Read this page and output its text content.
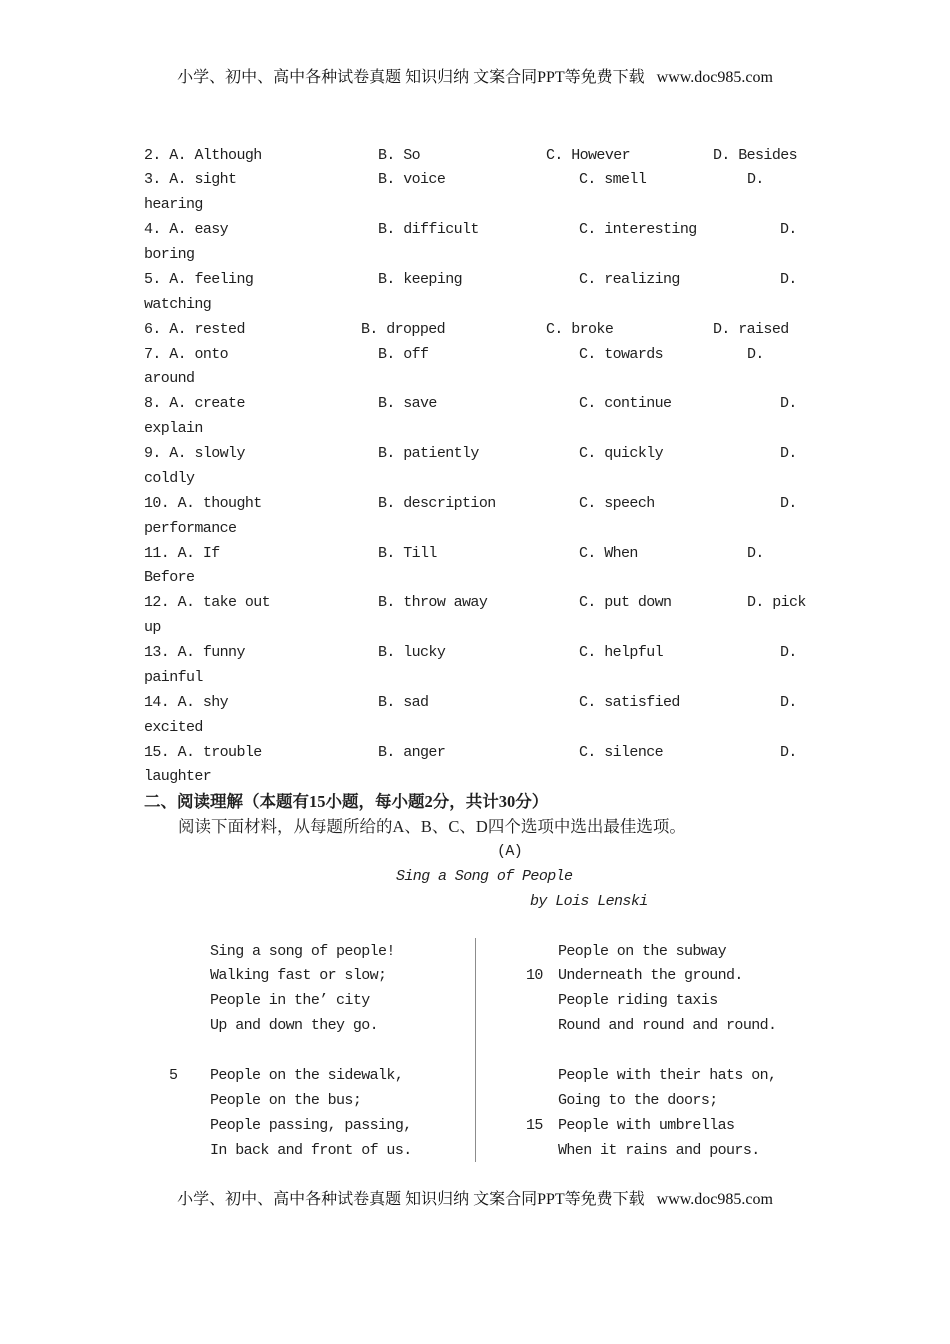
小学、初中、高中各种试卷真题 知识归纳 文案合同PPT等免费下载 www.doc985.com
2. A. Although	B. So	C. However	D. Besides
3. A. sight	B. voice	C. smell	D. hearing
4. A. easy	B. difficult	C. interesting	D. boring
5. A. feeling	B. keeping	C. realizing	D. watching
6. A. rested	B. dropped	C. broke	D. raised
7. A. onto	B. off	C. towards	D. around
8. A. create	B. save	C. continue	D. explain
9. A. slowly	B. patiently	C. quickly	D. coldly
10. A. thought	B. description	C. speech	D. performance
11. A. If	B. Till	C. When	D. Before
12. A. take out	B. throw away	C. put down	D. pick up
13. A. funny	B. lucky	C. helpful	D. painful
14. A. shy	B. sad	C. satisfied	D. excited
15. A. trouble	B. anger	C. silence	D. laughter
二、阅读理解（本题有15小题，每小题2分，共计30分）
阅读下面材料，从每题所给的A、B、C、D四个选项中选出最佳选项。
(A)
Sing a Song of People
by Lois Lenski
Sing a song of people!
Walking fast or slow;
People in the’ city
Up and down they go.
5 People on the sidewalk,
People on the bus;
People passing, passing,
In back and front of us.
People on the subway
10 Underneath the ground.
People riding taxis
Round and round and round.
People with their hats on,
Going to the doors;
15 People with umbrellas
When it rains and pours.
小学、初中、高中各种试卷真题 知识归纳 文案合同PPT等免费下载 www.doc985.com
